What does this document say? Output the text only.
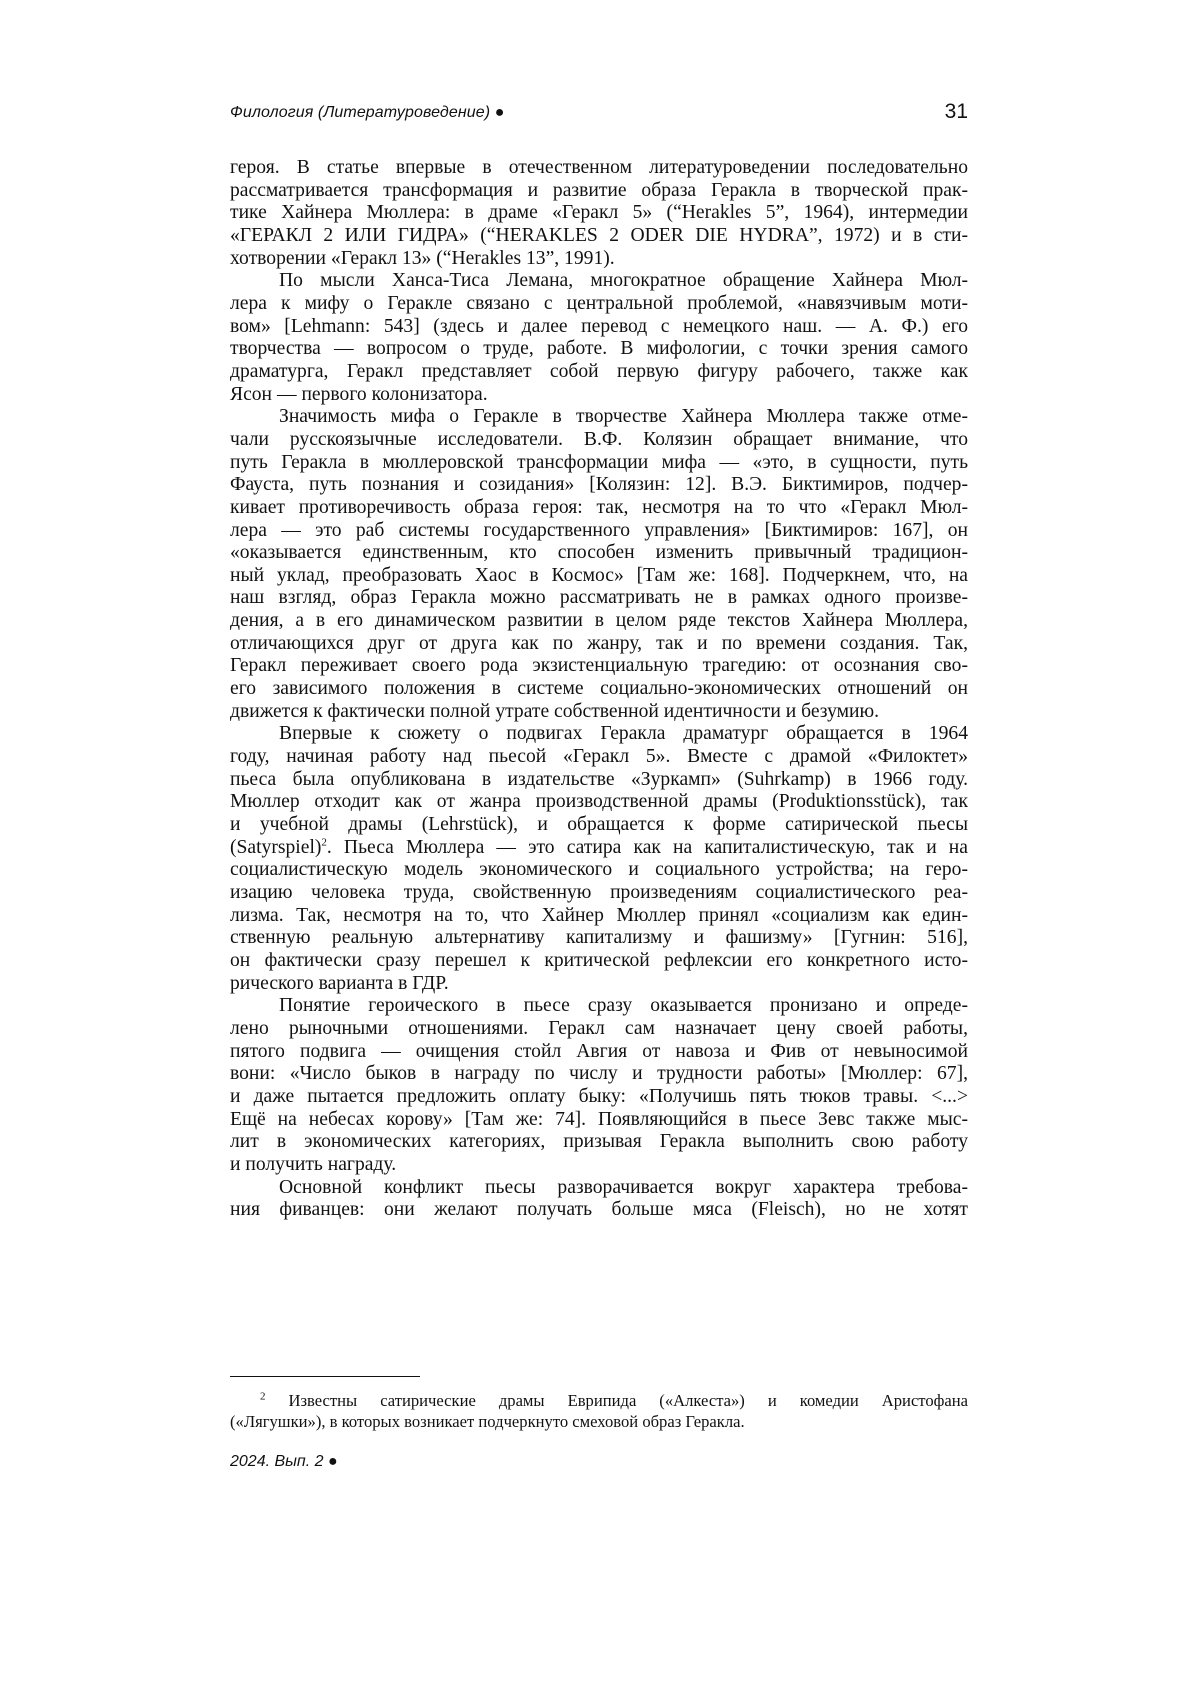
Филология (Литературоведение) ●	31

героя. В статье впервые в отечественном литературоведении последовательно
рассматривается трансформация и развитие образа Геракла в творческой прак-
тике Хайнера Мюллера: в драме «Геракл 5» (“Herakles 5”, 1964), интермедии
«ГЕРАКЛ 2 ИЛИ ГИДРА» (“HERAKLES 2 ODER DIE HYDRA”, 1972) и в сти-
хотворении «Геракл 13» (“Herakles 13”, 1991).

По мысли Ханса-Тиса Лемана, многократное обращение Хайнера Мюл-
лера к мифу о Геракле связано с центральной проблемой, «навязчивым моти-
вом» [Lehmann: 543] (здесь и далее перевод с немецкого наш. — А. Ф.) его
творчества — вопросом о труде, работе. В мифологии, с точки зрения самого
драматурга, Геракл представляет собой первую фигуру рабочего, также как
Ясон — первого колонизатора.

Значимость мифа о Геракле в творчестве Хайнера Мюллера также отме-
чали русскоязычные исследователи. В.Ф. Колязин обращает внимание, что
путь Геракла в мюллеровской трансформации мифа — «это, в сущности, путь
Фауста, путь познания и созидания» [Колязин: 12]. В.Э. Биктимиров, подчер-
кивает противоречивость образа героя: так, несмотря на то что «Геракл Мюл-
лера — это раб системы государственного управления» [Биктимиров: 167], он
«оказывается единственным, кто способен изменить привычный традицион-
ный уклад, преобразовать Хаос в Космос» [Там же: 168]. Подчеркнем, что, на
наш взгляд, образ Геракла можно рассматривать не в рамках одного произве-
дения, а в его динамическом развитии в целом ряде текстов Хайнера Мюллера,
отличающихся друг от друга как по жанру, так и по времени создания. Так,
Геракл переживает своего рода экзистенциальную трагедию: от осознания сво-
его зависимого положения в системе социально-экономических отношений он
движется к фактически полной утрате собственной идентичности и безумию.

Впервые к сюжету о подвигах Геракла драматург обращается в 1964
году, начиная работу над пьесой «Геракл 5». Вместе с драмой «Филоктет»
пьеса была опубликована в издательстве «Зуркамп» (Suhrkamp) в 1966 году.
Мюллер отходит как от жанра производственной драмы (Produktionsstück), так
и учебной драмы (Lehrstück), и обращается к форме сатирической пьесы
(Satyrspiel)$^2$. Пьеса Мюллера — это сатира как на капиталистическую, так и на
социалистическую модель экономического и социального устройства; на геро-
изацию человека труда, свойственную произведениям социалистического реа-
лизма. Так, несмотря на то, что Хайнер Мюллер принял «социализм как един-
ственную реальную альтернативу капитализму и фашизму» [Гугнин: 516],
он фактически сразу перешел к критической рефлексии его конкретного исто-
рического варианта в ГДР.

Понятие героического в пьесе сразу оказывается пронизано и опреде-
лено рыночными отношениями. Геракл сам назначает цену своей работы,
пятого подвига — очищения стойл Авгия от навоза и Фив от невыносимой
вони: «Число быков в награду по числу и трудности работы» [Мюллер: 67],
и даже пытается предложить оплату быку: «Получишь пять тюков травы. <...>
Ещё на небесах корову» [Там же: 74]. Появляющийся в пьесе Зевс также мыс-
лит в экономических категориях, призывая Геракла выполнить свою работу
и получить награду.

Основной конфликт пьесы разворачивается вокруг характера требова-
ния фиванцев: они желают получать больше мяса (Fleisch), но не хотят

$^2$ Известны сатирические драмы Еврипида («Алкеста») и комедии Аристофана
(«Лягушки»), в которых возникает подчеркнуто смеховой образ Геракла.
2024. Вып. 2 ●
